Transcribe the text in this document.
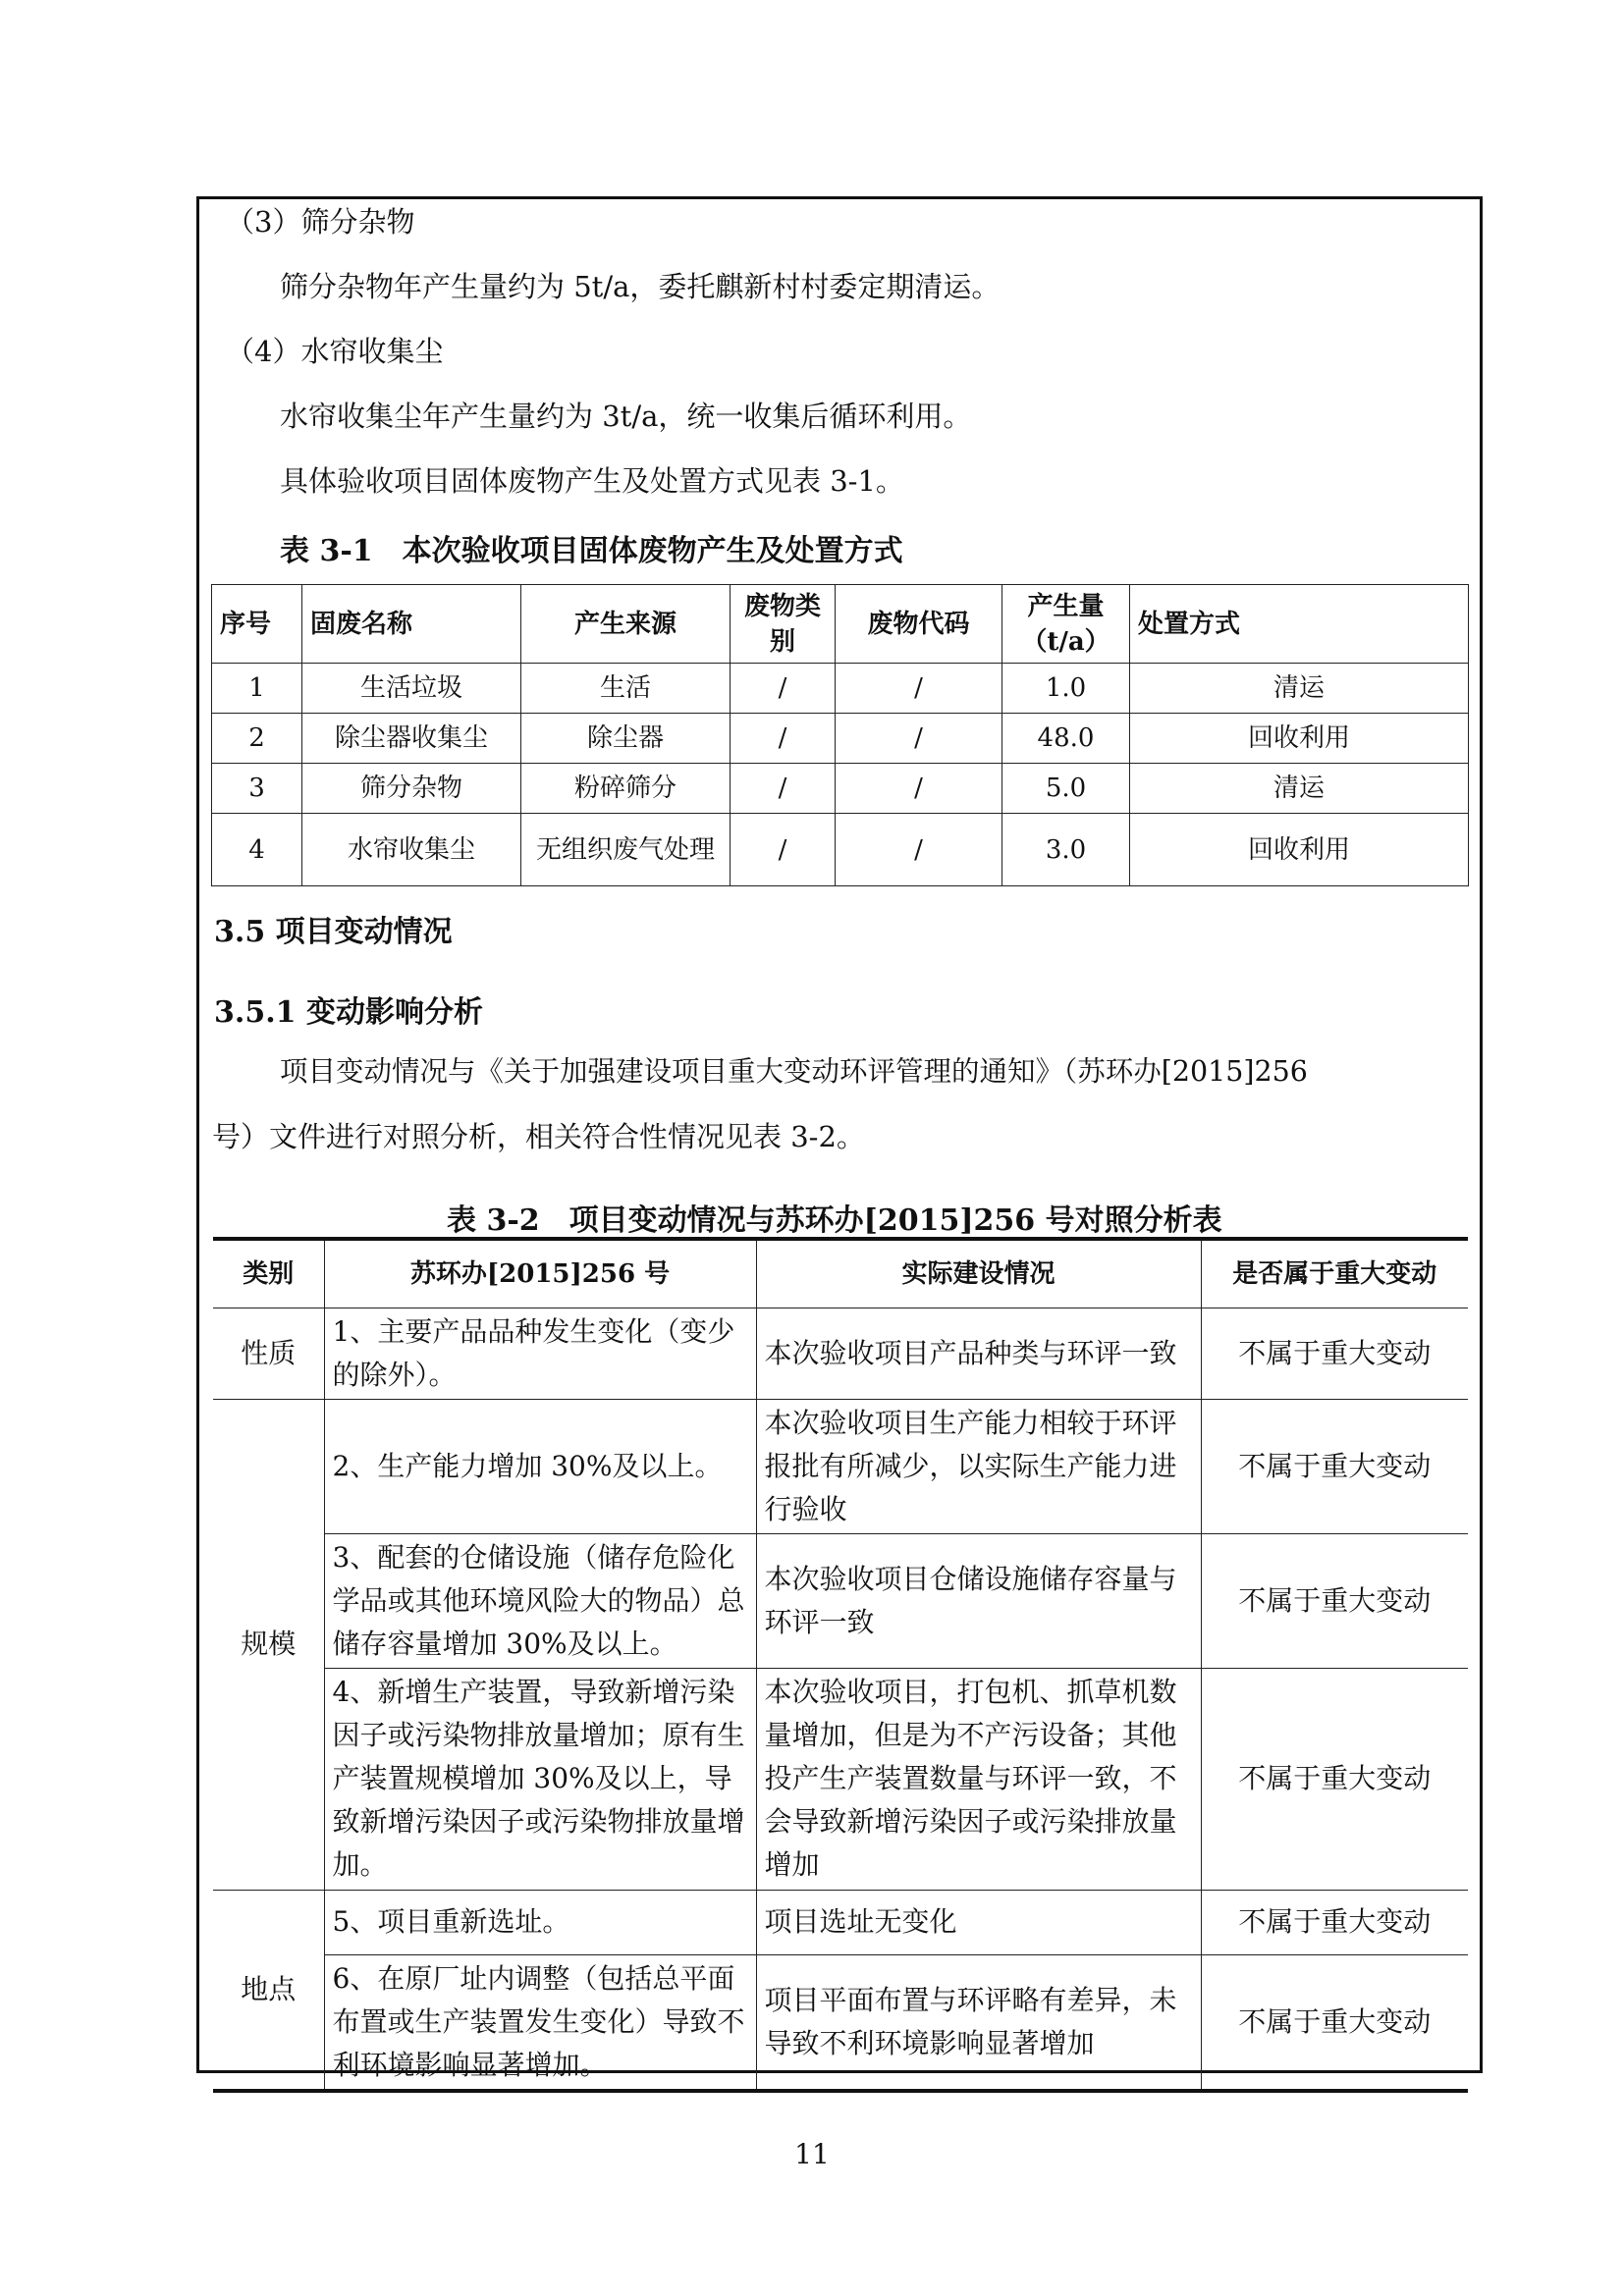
（3）筛分杂物
筛分杂物年产生量约为 5t/a，委托麒新村村委定期清运。
（4）水帘收集尘
水帘收集尘年产生量约为 3t/a，统一收集后循环利用。
具体验收项目固体废物产生及处置方式见表 3-1。
表 3-1　本次验收项目固体废物产生及处置方式
序号	固废名称	产生来源	废物类别	废物代码	产生量（t/a）	处置方式
1	生活垃圾	生活	/	/	1.0	清运
2	除尘器收集尘	除尘器	/	/	48.0	回收利用
3	筛分杂物	粉碎筛分	/	/	5.0	清运
4	水帘收集尘	无组织废气处理	/	/	3.0	回收利用
3.5 项目变动情况
3.5.1 变动影响分析
项目变动情况与《关于加强建设项目重大变动环评管理的通知》（苏环办[2015]256
号）文件进行对照分析，相关符合性情况见表 3-2。
表 3-2　项目变动情况与苏环办[2015]256 号对照分析表
类别	苏环办[2015]256 号	实际建设情况	是否属于重大变动
性质	1、主要产品品种发生变化（变少的除外）。	本次验收项目产品种类与环评一致	不属于重大变动
规模	2、生产能力增加 30%及以上。	本次验收项目生产能力相较于环评报批有所减少，以实际生产能力进行验收	不属于重大变动
	3、配套的仓储设施（储存危险化学品或其他环境风险大的物品）总储存容量增加 30%及以上。	本次验收项目仓储设施储存容量与环评一致	不属于重大变动
	4、新增生产装置，导致新增污染因子或污染物排放量增加；原有生产装置规模增加 30%及以上，导致新增污染因子或污染物排放量增加。	本次验收项目，打包机、抓草机数量增加，但是为不产污设备；其他投产生产装置数量与环评一致，不会导致新增污染因子或污染排放量增加	不属于重大变动
地点	5、项目重新选址。	项目选址无变化	不属于重大变动
	6、在原厂址内调整（包括总平面布置或生产装置发生变化）导致不利环境影响显著增加。	项目平面布置与环评略有差异，未导致不利环境影响显著增加	不属于重大变动
11
